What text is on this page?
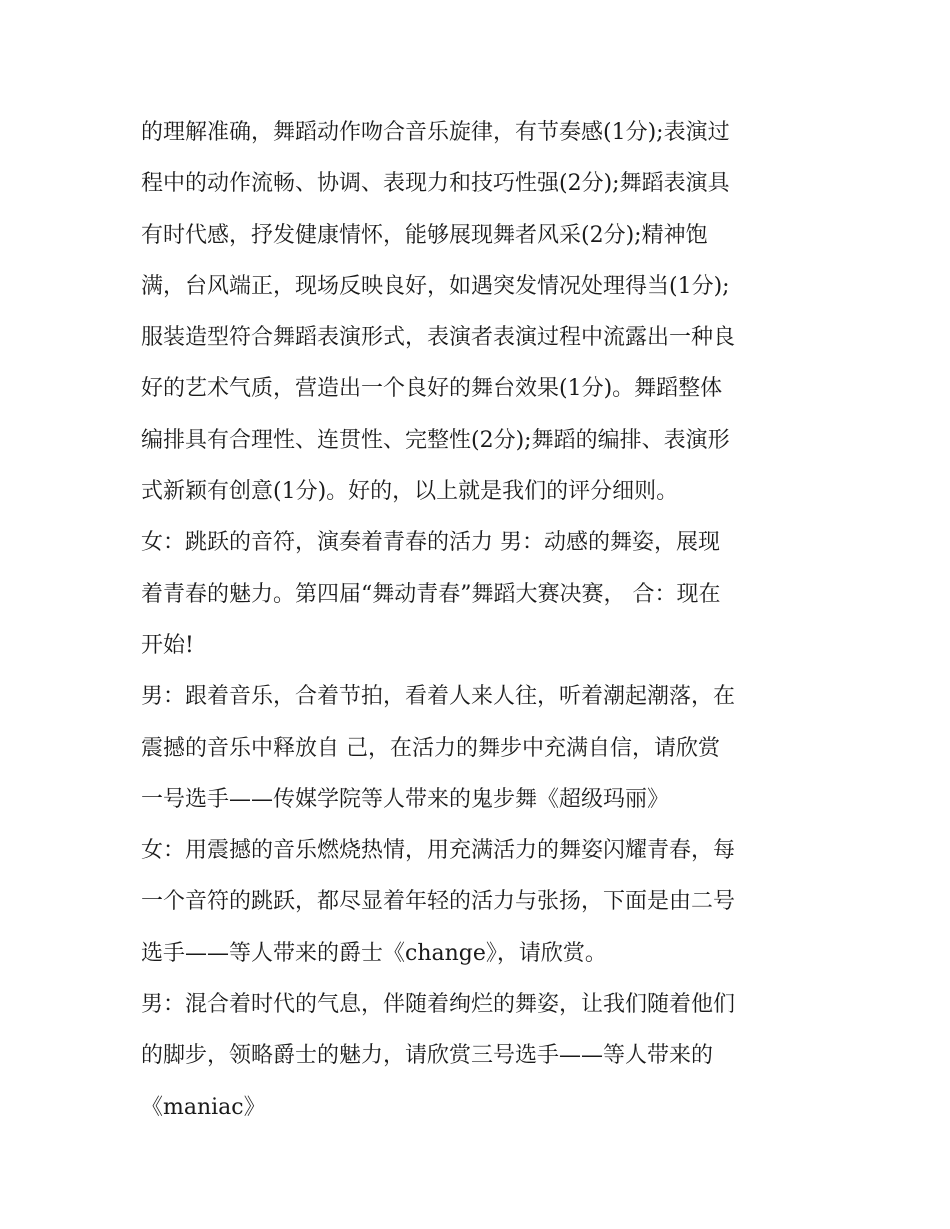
的理解准确，舞蹈动作吻合音乐旋律，有节奏感(1分);表演过
程中的动作流畅、协调、表现力和技巧性强(2分);舞蹈表演具
有时代感，抒发健康情怀，能够展现舞者风采(2分);精神饱
满，台风端正，现场反映良好，如遇突发情况处理得当(1分);
服装造型符合舞蹈表演形式，表演者表演过程中流露出一种良
好的艺术气质，营造出一个良好的舞台效果(1分)。舞蹈整体
编排具有合理性、连贯性、完整性(2分);舞蹈的编排、表演形
式新颖有创意(1分)。好的，以上就是我们的评分细则。
女：跳跃的音符，演奏着青春的活力 男：动感的舞姿，展现
着青春的魅力。第四届“舞动青春”舞蹈大赛决赛， 合：现在
开始!
男：跟着音乐，合着节拍，看着人来人往，听着潮起潮落，在
震撼的音乐中释放自 己，在活力的舞步中充满自信，请欣赏
一号选手——传媒学院等人带来的鬼步舞《超级玛丽》
女：用震撼的音乐燃烧热情，用充满活力的舞姿闪耀青春，每
一个音符的跳跃，都尽显着年轻的活力与张扬，下面是由二号
选手——等人带来的爵士《change》，请欣赏。
男：混合着时代的气息，伴随着绚烂的舞姿，让我们随着他们
的脚步，领略爵士的魅力，请欣赏三号选手——等人带来的
《maniac》
